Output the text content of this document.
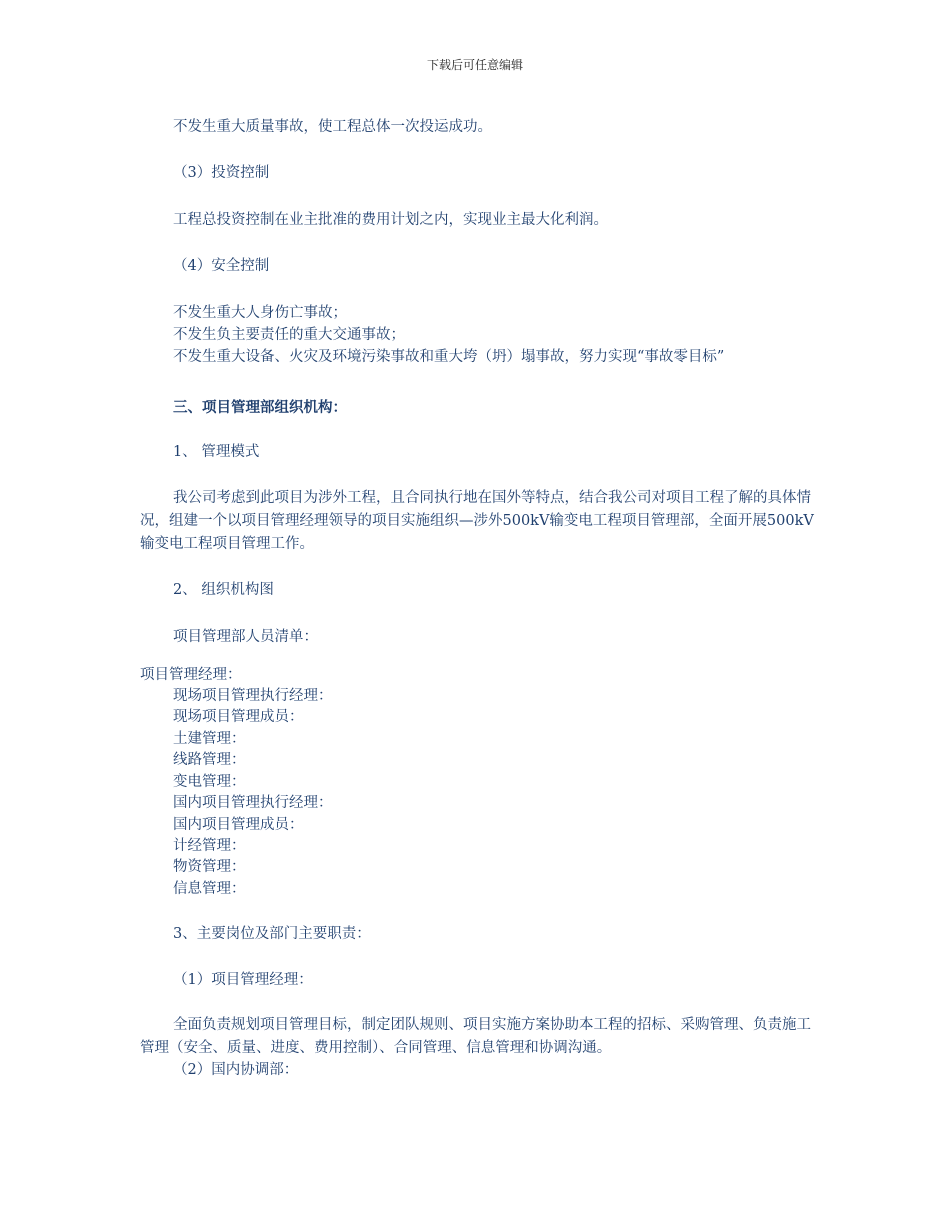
下载后可任意编辑
不发生重大质量事故，使工程总体一次投运成功。
（3）投资控制
工程总投资控制在业主批准的费用计划之内，实现业主最大化利润。
（4）安全控制
不发生重大人身伤亡事故；
不发生负主要责任的重大交通事故；
不发生重大设备、火灾及环境污染事故和重大垮（坍）塌事故，努力实现“事故零目标”
三、项目管理部组织机构：
1、 管理模式
我公司考虑到此项目为涉外工程，且合同执行地在国外等特点，结合我公司对项目工程了解的具体情况，组建一个以项目管理经理领导的项目实施组织—涉外500kV输变电工程项目管理部，全面开展500kV输变电工程项目管理工作。
2、 组织机构图
项目管理部人员清单：
项目管理经理：
现场项目管理执行经理：
现场项目管理成员：
土建管理：
线路管理：
变电管理：
国内项目管理执行经理：
国内项目管理成员：
计经管理：
物资管理：
信息管理：
3、主要岗位及部门主要职责：
（1）项目管理经理：
全面负责规划项目管理目标，制定团队规则、项目实施方案协助本工程的招标、采购管理、负责施工管理（安全、质量、进度、费用控制）、合同管理、信息管理和协调沟通。
（2）国内协调部：
